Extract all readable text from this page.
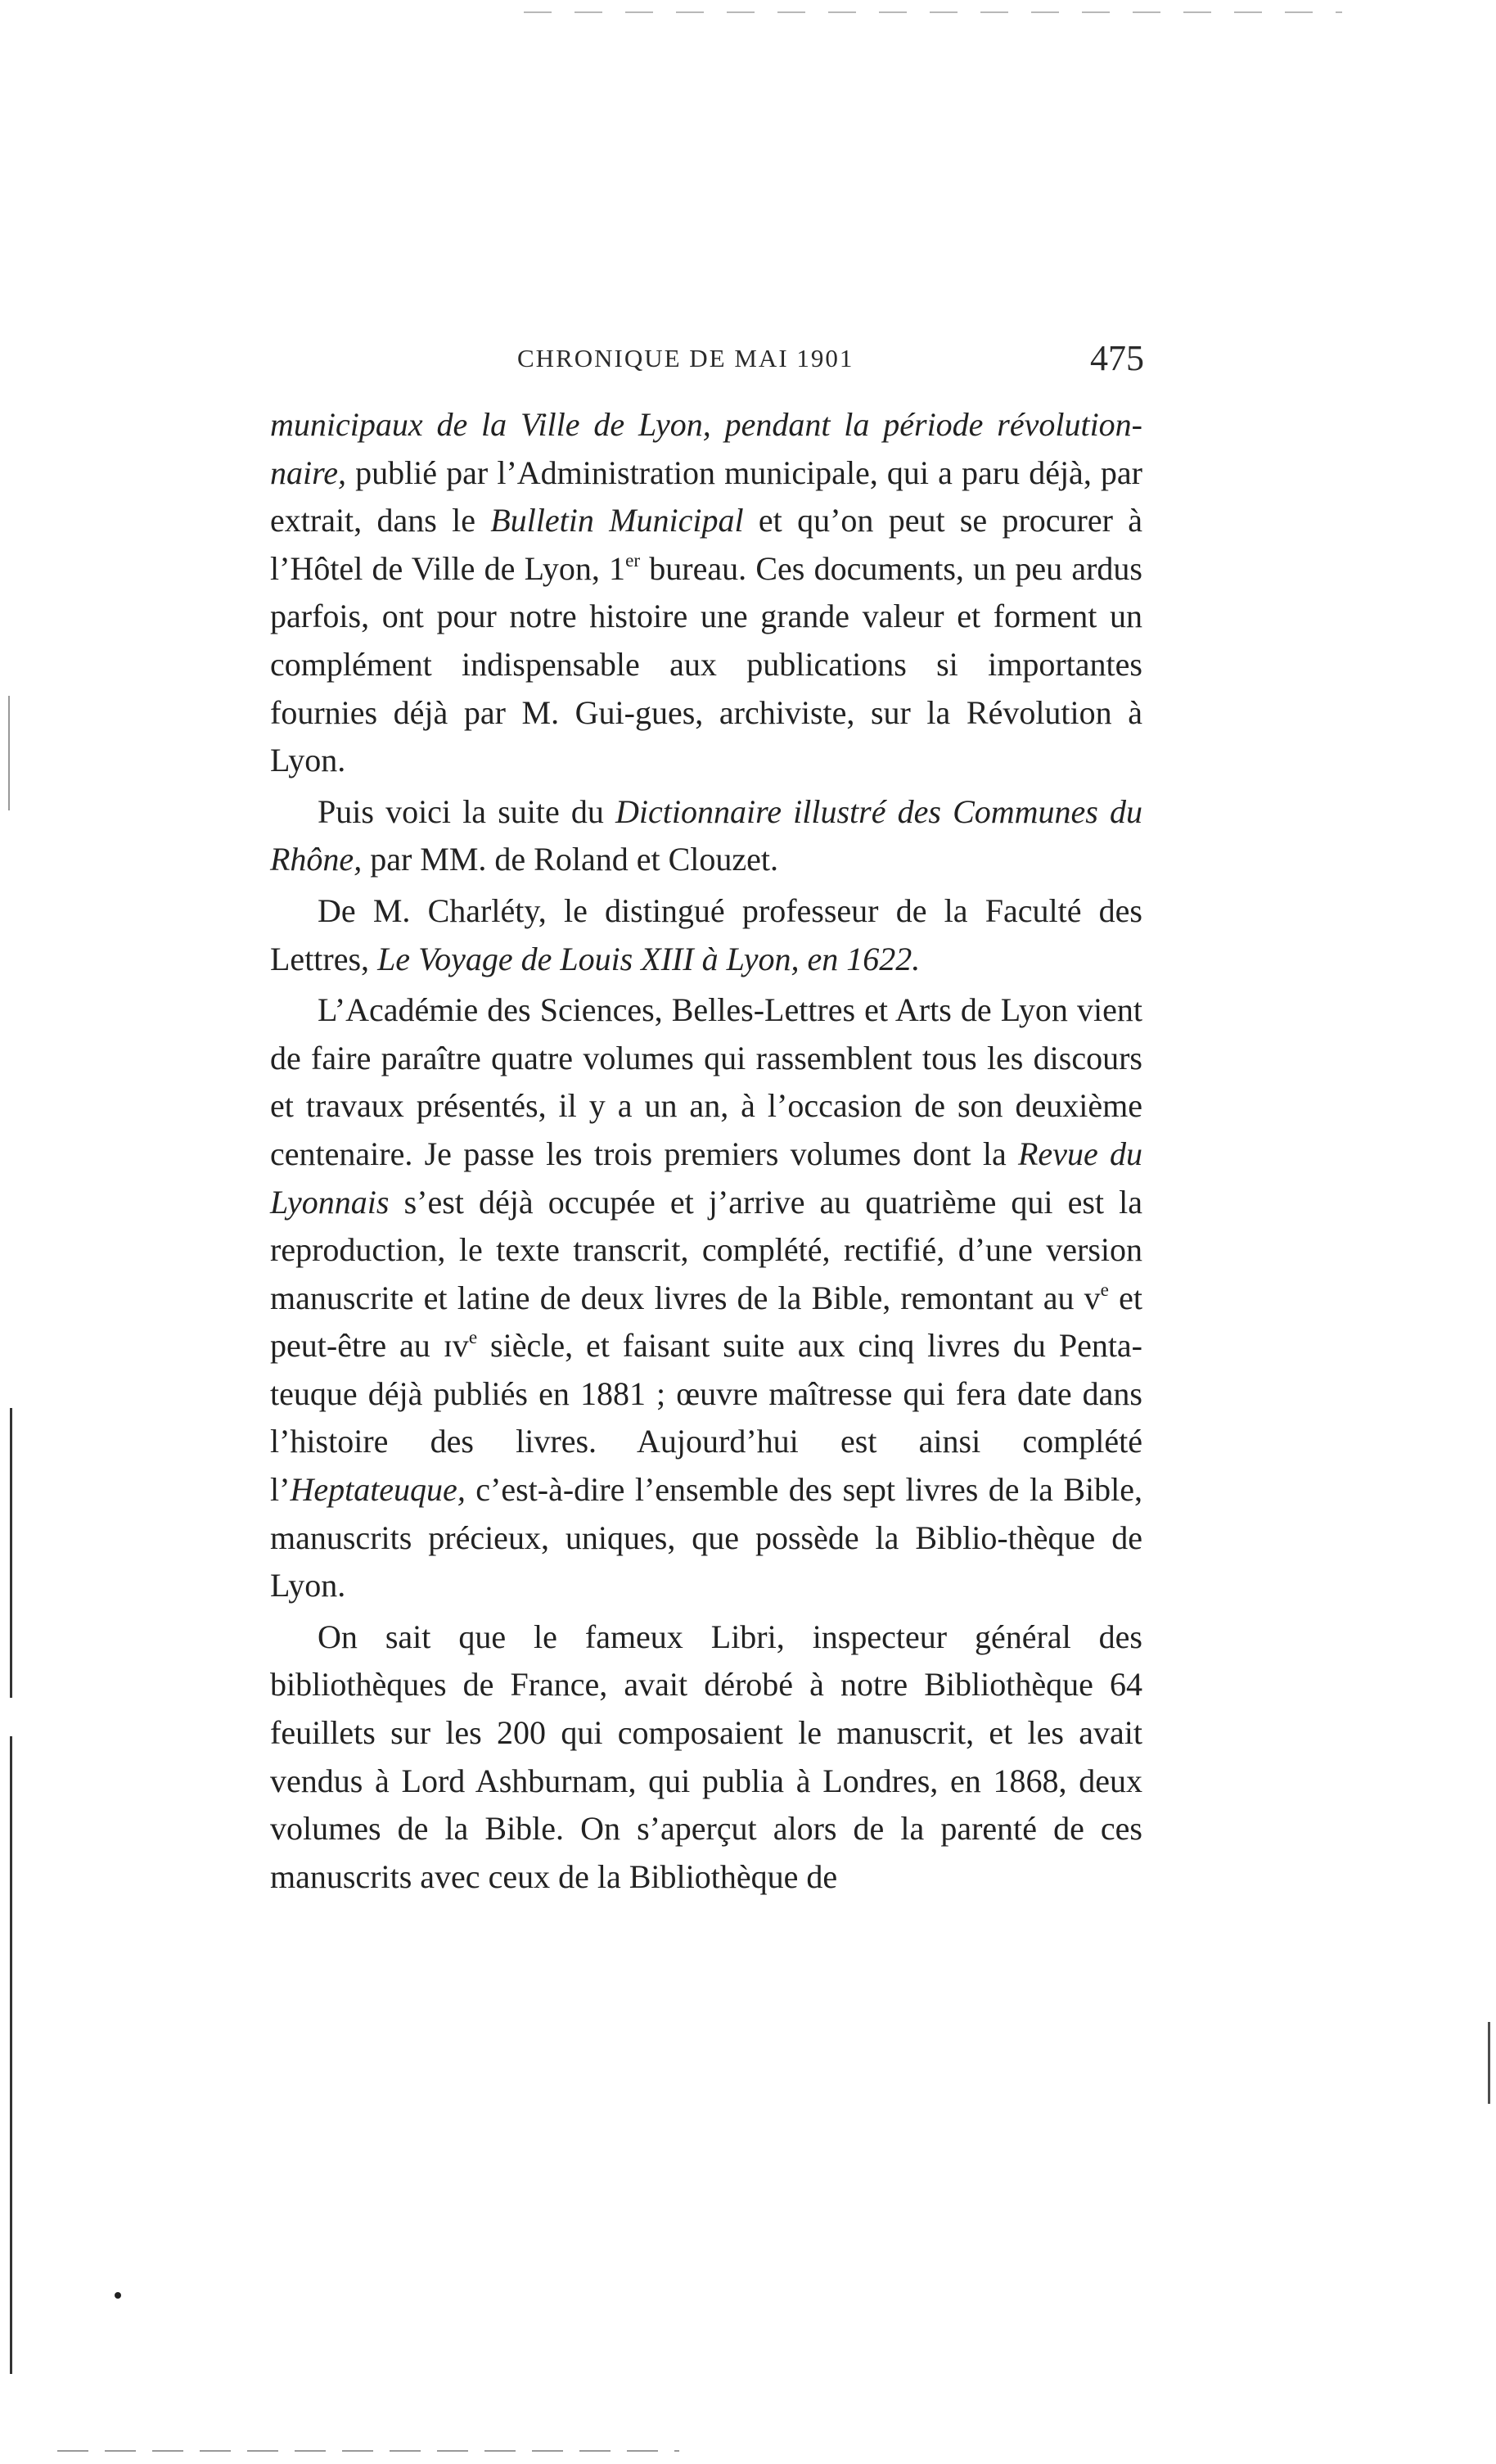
CHRONIQUE DE MAI 1901	475

municipaux de la Ville de Lyon, pendant la période révolution-naire, publié par l’Administration municipale, qui a paru déjà, par extrait, dans le Bulletin Municipal et qu’on peut se procurer à l’Hôtel de Ville de Lyon, 1er bureau. Ces documents, un peu ardus parfois, ont pour notre histoire une grande valeur et forment un complément indispensable aux publications si importantes fournies déjà par M. Gui-gues, archiviste, sur la Révolution à Lyon.

Puis voici la suite du Dictionnaire illustré des Communes du Rhône, par MM. de Roland et Clouzet.

De M. Charléty, le distingué professeur de la Faculté des Lettres, Le Voyage de Louis XIII à Lyon, en 1622.

L’Académie des Sciences, Belles-Lettres et Arts de Lyon vient de faire paraître quatre volumes qui rassemblent tous les discours et travaux présentés, il y a un an, à l’occasion de son deuxième centenaire. Je passe les trois premiers volumes dont la Revue du Lyonnais s’est déjà occupée et j’arrive au quatrième qui est la reproduction, le texte transcrit, complété, rectifié, d’une version manuscrite et latine de deux livres de la Bible, remontant au $v^e$ et peut-être au ɪᴠ$^e$ siècle, et faisant suite aux cinq livres du Penta-teuque déjà publiés en 1881 ; œuvre maîtresse qui fera date dans l’histoire des livres. Aujourd’hui est ainsi complété l’Heptateuque, c’est-à-dire l’ensemble des sept livres de la Bible, manuscrits précieux, uniques, que possède la Biblio-thèque de Lyon.

On sait que le fameux Libri, inspecteur général des bibliothèques de France, avait dérobé à notre Bibliothèque 64 feuillets sur les 200 qui composaient le manuscrit, et les avait vendus à Lord Ashburnam, qui publia à Londres, en 1868, deux volumes de la Bible. On s’aperçut alors de la parenté de ces manuscrits avec ceux de la Bibliothèque de
